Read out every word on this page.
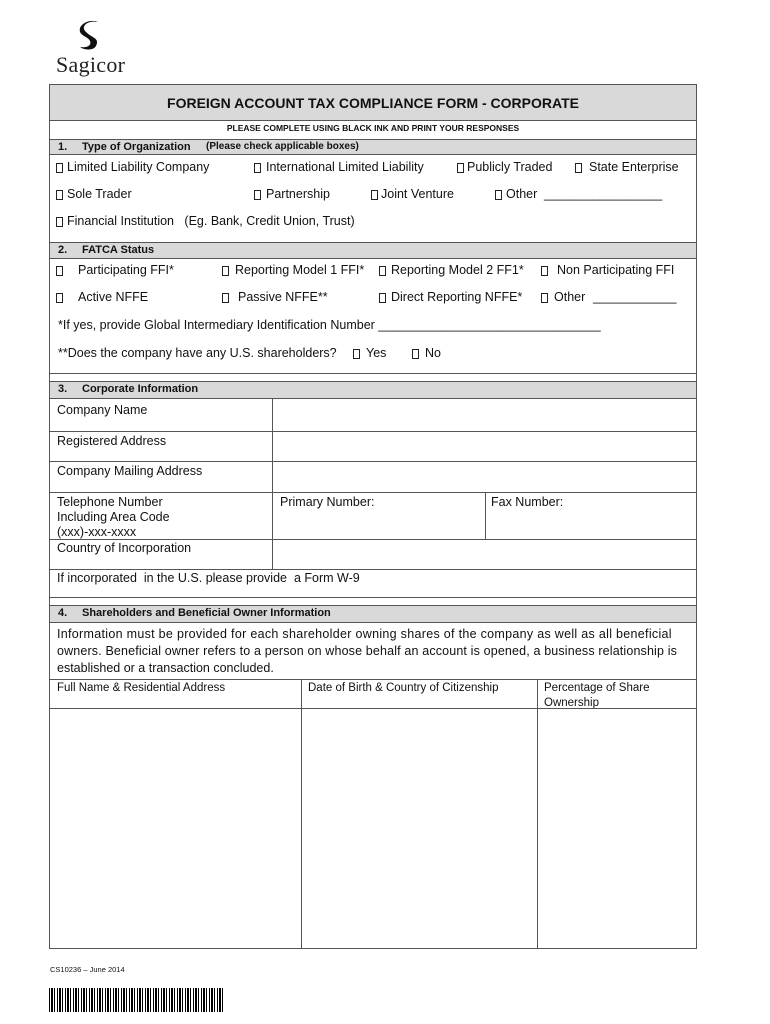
Sagicor
FOREIGN ACCOUNT TAX COMPLIANCE FORM - CORPORATE
PLEASE COMPLETE USING BLACK INK AND PRINT YOUR RESPONSES
1. Type of Organization (Please check applicable boxes)
Limited Liability Company	International Limited Liability	Publicly Traded	State Enterprise
Sole Trader	Partnership	Joint Venture	Other _________________
Financial Institution   (Eg. Bank, Credit Union, Trust)
2. FATCA Status
Participating FFI*	Reporting Model 1 FFI* Reporting Model 2 FF1*	Non Participating FFI
Active NFFE	Passive NFFE**	Direct Reporting NFFE*	Other ____________
*If yes, provide Global Intermediary Identification Number ________________________________
**Does the company have any U.S. shareholders? Yes	No
3. Corporate Information
Company Name
Registered Address
Company Mailing Address
Telephone Number
Including Area Code
(xxx)-xxx-xxxx
Primary Number:	Fax Number:
Country of Incorporation
If incorporated  in the U.S. please provide  a Form W-9
4. Shareholders and Beneficial Owner Information
Information must be provided for each shareholder owning shares of the company as well as all beneficial
owners. Beneficial owner refers to a person on whose behalf an account is opened, a business relationship is
established or a transaction concluded.
Full Name & Residential Address	Date of Birth & Country of Citizenship	Percentage of Share
Ownership
CS10236 – June 2014
